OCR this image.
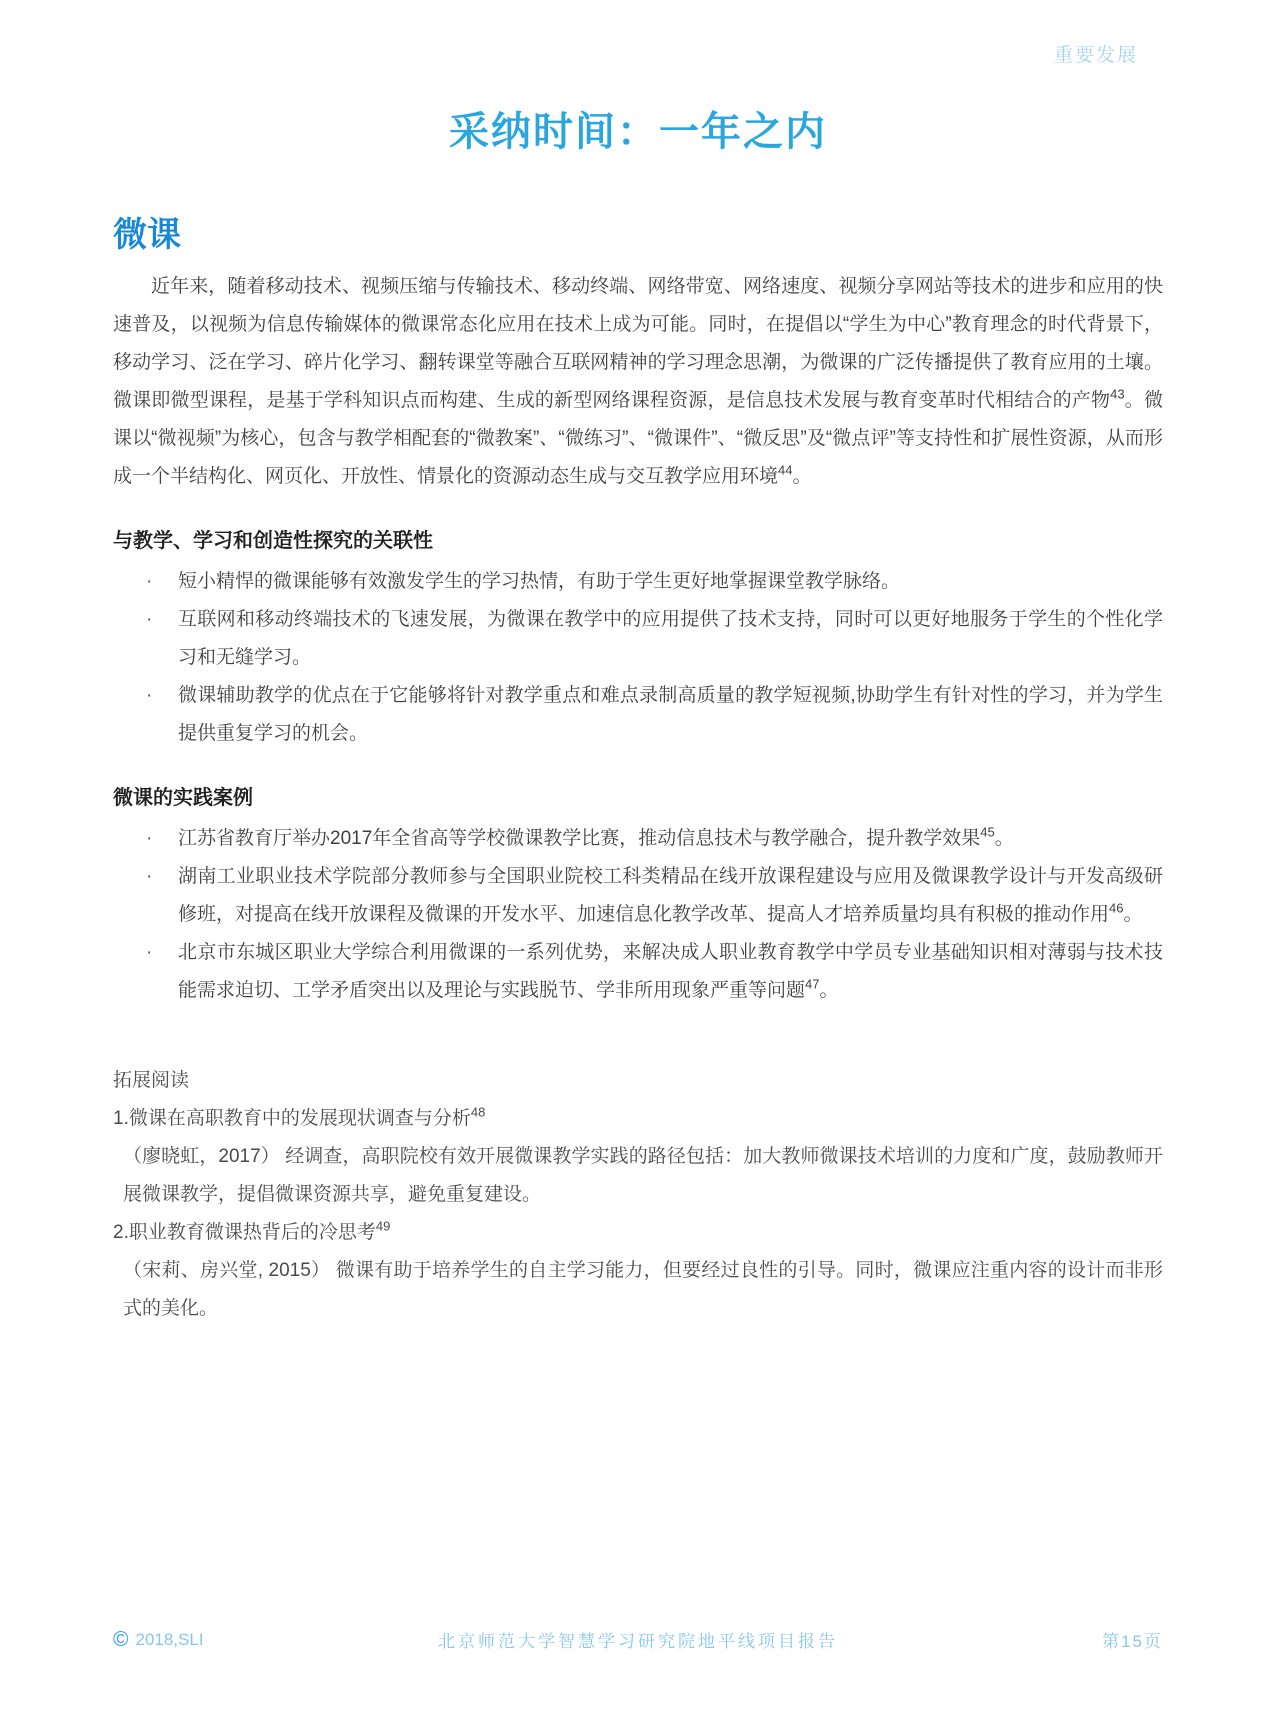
重要发展
采纳时间：一年之内
微课

近年来，随着移动技术、视频压缩与传输技术、移动终端、网络带宽、网络速度、视频分享网站等技术的进步和应用的快速普及，以视频为信息传输媒体的微课常态化应用在技术上成为可能。同时，在提倡以“学生为中心”教育理念的时代背景下，移动学习、泛在学习、碎片化学习、翻转课堂等融合互联网精神的学习理念思潮，为微课的广泛传播提供了教育应用的土壤。微课即微型课程，是基于学科知识点而构建、生成的新型网络课程资源，是信息技术发展与教育变革时代相结合的产物$^{43}$。微课以“微视频”为核心，包含与教学相配套的“微教案”、“微练习”、“微课件”、“微反思”及“微点评”等支持性和扩展性资源，从而形成一个半结构化、网页化、开放性、情景化的资源动态生成与交互教学应用环境$^{44}$。

与教学、学习和创造性探究的关联性
· 短小精悍的微课能够有效激发学生的学习热情，有助于学生更好地掌握课堂教学脉络。
· 互联网和移动终端技术的飞速发展，为微课在教学中的应用提供了技术支持，同时可以更好地服务于学生的个性化学习和无缝学习。
· 微课辅助教学的优点在于它能够将针对教学重点和难点录制高质量的教学短视频,协助学生有针对性的学习，并为学生提供重复学习的机会。
微课的实践案例
· 江苏省教育厅举办2017年全省高等学校微课教学比赛，推动信息技术与教学融合，提升教学效果$^{45}$。
· 湖南工业职业技术学院部分教师参与全国职业院校工科类精品在线开放课程建设与应用及微课教学设计与开发高级研修班，对提高在线开放课程及微课的开发水平、加速信息化教学改革、提高人才培养质量均具有积极的推动作用$^{46}$。
· 北京市东城区职业大学综合利用微课的一系列优势，来解决成人职业教育教学中学员专业基础知识相对薄弱与技术技能需求迫切、工学矛盾突出以及理论与实践脱节、学非所用现象严重等问题$^{47}$。
拓展阅读
1.微课在高职教育中的发展现状调查与分析$^{48}$
（廖晓虹，2017） 经调查，高职院校有效开展微课教学实践的路径包括：加大教师微课技术培训的力度和广度，鼓励教师开展微课教学，提倡微课资源共享，避免重复建设。
2.职业教育微课热背后的冷思考$^{49}$
（宋莉、房兴堂, 2015） 微课有助于培养学生的自主学习能力，但要经过良性的引导。同时，微课应注重内容的设计而非形式的美化。
© 2018,SLI	北京师范大学智慧学习研究院地平线项目报告	第15页
